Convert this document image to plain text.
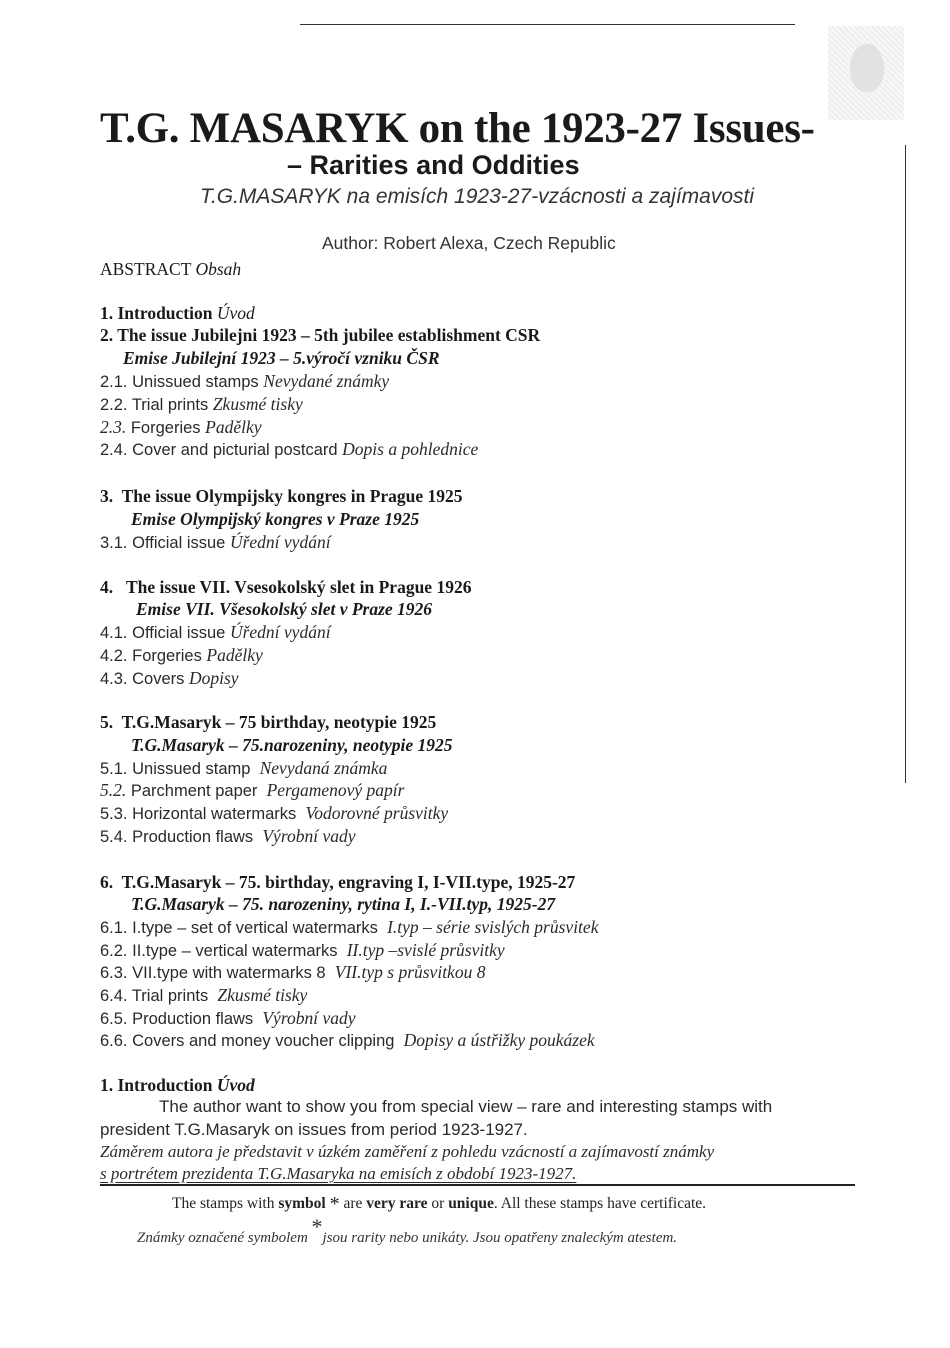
T.G. MASARYK on the 1923-27 Issues-
– Rarities and Oddities
T.G.MASARYK na emisích 1923-27-vzácnosti a zajímavosti
Author: Robert Alexa, Czech Republic
ABSTRACT Obsah
1. Introduction Úvod
2. The issue Jubilejni 1923 – 5th jubilee establishment CSR
Emise Jubilejní 1923 – 5.výročí vzniku ČSR
2.1. Unissued stamps Nevydané známky
2.2. Trial prints Zkusmé tisky
2.3. Forgeries Padělky
2.4. Cover and picturial postcard Dopis a pohlednice
3. The issue Olympijsky kongres in Prague 1925
Emise Olympijský kongres v Praze 1925
3.1. Official issue Úřední vydání
4. The issue VII. Vsesokolský slet in Prague 1926
Emise VII. Všesokolský slet v Praze 1926
4.1. Official issue Úřední vydání
4.2. Forgeries Padělky
4.3. Covers Dopisy
5. T.G.Masaryk – 75 birthday, neotypie 1925
T.G.Masaryk – 75.narozeniny, neotypie 1925
5.1. Unissued stamp Nevydaná známka
5.2. Parchment paper Pergamenový papír
5.3. Horizontal watermarks Vodorovné průsvitky
5.4. Production flaws Výrobní vady
6. T.G.Masaryk – 75. birthday, engraving I, I-VII.type, 1925-27
T.G.Masaryk – 75. narozeniny, rytina I, I.-VII.typ, 1925-27
6.1. I.type – set of vertical watermarks I.typ – série svislých průsvitek
6.2. II.type – vertical watermarks II.typ –svislé průsvitky
6.3. VII.type with watermarks 8 VII.typ s průsvitkou 8
6.4. Trial prints Zkusmé tisky
6.5. Production flaws Výrobní vady
6.6. Covers and money voucher clipping Dopisy a ústřižky poukázek
1. Introduction Úvod
The author want to show you from special view – rare and interesting stamps with
president T.G.Masaryk on issues from period 1923-1927.
Záměrem autora je představit v úzkém zaměření z pohledu vzácností a zajímavostí známky
s portrétem prezidenta T.G.Masaryka na emisích z období 1923-1927.
The stamps with symbol * are very rare or unique. All these stamps have certificate.
Známky označené symbolem *jsou rarity nebo unikáty. Jsou opatřeny znaleckým atestem.
